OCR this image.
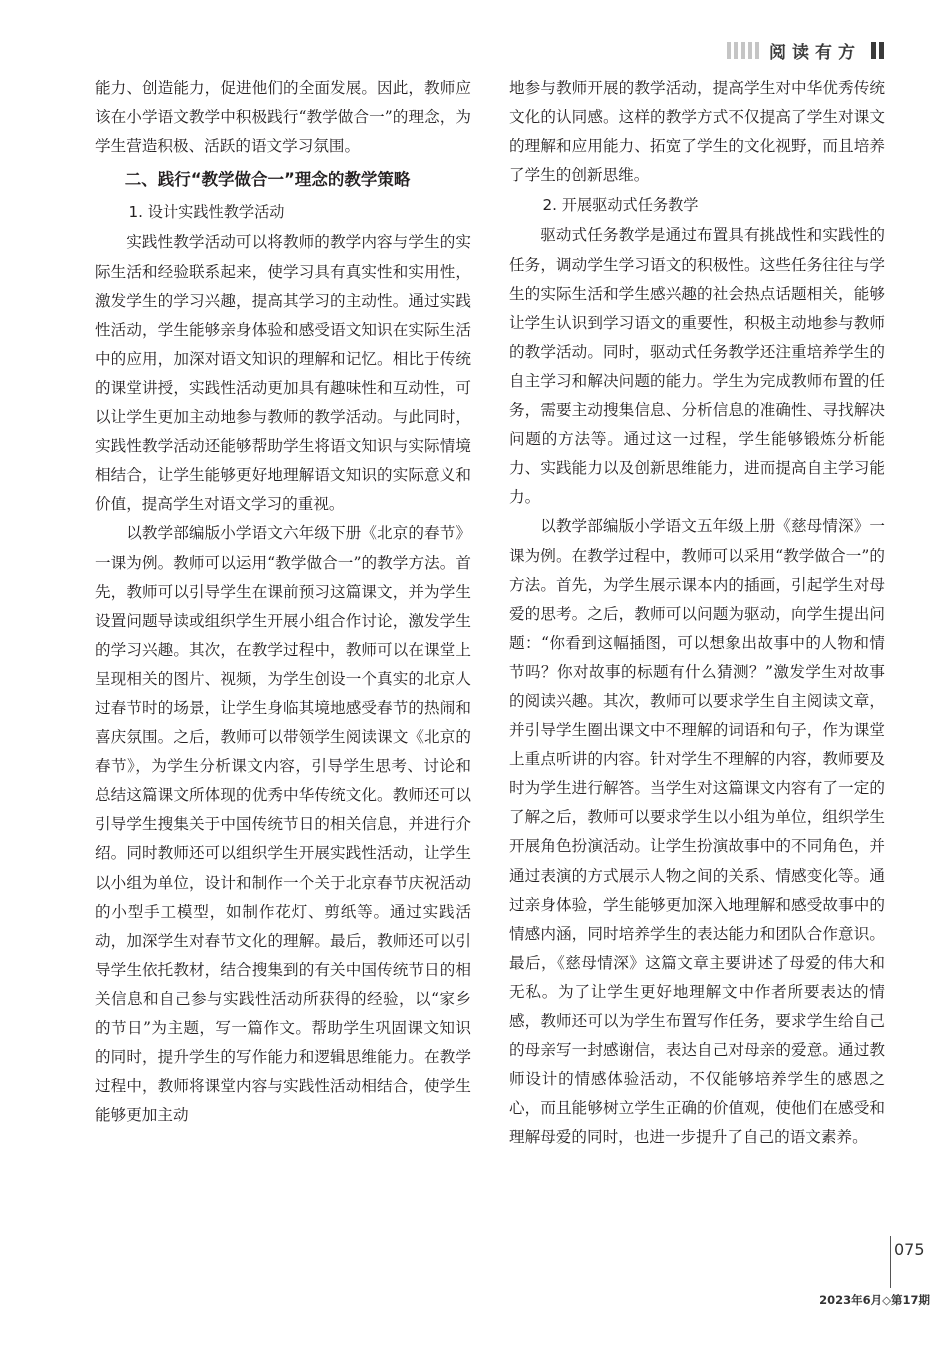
阅读有方

能力、创造能力，促进他们的全面发展。因此，教师应该在小学语文教学中积极践行“教学做合一”的理念，为学生营造积极、活跃的语文学习氛围。

二、践行“教学做合一”理念的教学策略
1. 设计实践性教学活动

实践性教学活动可以将教师的教学内容与学生的实际生活和经验联系起来，使学习具有真实性和实用性，激发学生的学习兴趣，提高其学习的主动性。通过实践性活动，学生能够亲身体验和感受语文知识在实际生活中的应用，加深对语文知识的理解和记忆。相比于传统的课堂讲授，实践性活动更加具有趣味性和互动性，可以让学生更加主动地参与教师的教学活动。与此同时，实践性教学活动还能够帮助学生将语文知识与实际情境相结合，让学生能够更好地理解语文知识的实际意义和价值，提高学生对语文学习的重视。

以教学部编版小学语文六年级下册《北京的春节》一课为例。教师可以运用“教学做合一”的教学方法。首先，教师可以引导学生在课前预习这篇课文，并为学生设置问题导读或组织学生开展小组合作讨论，激发学生的学习兴趣。其次，在教学过程中，教师可以在课堂上呈现相关的图片、视频，为学生创设一个真实的北京人过春节时的场景，让学生身临其境地感受春节的热闹和喜庆氛围。之后，教师可以带领学生阅读课文《北京的春节》，为学生分析课文内容，引导学生思考、讨论和总结这篇课文所体现的优秀中华传统文化。教师还可以引导学生搜集关于中国传统节日的相关信息，并进行介绍。同时教师还可以组织学生开展实践性活动，让学生以小组为单位，设计和制作一个关于北京春节庆祝活动的小型手工模型，如制作花灯、剪纸等。通过实践活动，加深学生对春节文化的理解。最后，教师还可以引导学生依托教材，结合搜集到的有关中国传统节日的相关信息和自己参与实践性活动所获得的经验，以“家乡的节日”为主题，写一篇作文。帮助学生巩固课文知识的同时，提升学生的写作能力和逻辑思维能力。在教学过程中，教师将课堂内容与实践性活动相结合，使学生能够更加主动

地参与教师开展的教学活动，提高学生对中华优秀传统文化的认同感。这样的教学方式不仅提高了学生对课文的理解和应用能力、拓宽了学生的文化视野，而且培养了学生的创新思维。

2. 开展驱动式任务教学

驱动式任务教学是通过布置具有挑战性和实践性的任务，调动学生学习语文的积极性。这些任务往往与学生的实际生活和学生感兴趣的社会热点话题相关，能够让学生认识到学习语文的重要性，积极主动地参与教师的教学活动。同时，驱动式任务教学还注重培养学生的自主学习和解决问题的能力。学生为完成教师布置的任务，需要主动搜集信息、分析信息的准确性、寻找解决问题的方法等。通过这一过程，学生能够锻炼分析能力、实践能力以及创新思维能力，进而提高自主学习能力。

以教学部编版小学语文五年级上册《慈母情深》一课为例。在教学过程中，教师可以采用“教学做合一”的方法。首先，为学生展示课本内的插画，引起学生对母爱的思考。之后，教师可以问题为驱动，向学生提出问题：“你看到这幅插图，可以想象出故事中的人物和情节吗？你对故事的标题有什么猜测？”激发学生对故事的阅读兴趣。其次，教师可以要求学生自主阅读文章，并引导学生圈出课文中不理解的词语和句子，作为课堂上重点听讲的内容。针对学生不理解的内容，教师要及时为学生进行解答。当学生对这篇课文内容有了一定的了解之后，教师可以要求学生以小组为单位，组织学生开展角色扮演活动。让学生扮演故事中的不同角色，并通过表演的方式展示人物之间的关系、情感变化等。通过亲身体验，学生能够更加深入地理解和感受故事中的情感内涵，同时培养学生的表达能力和团队合作意识。最后，《慈母情深》这篇文章主要讲述了母爱的伟大和无私。为了让学生更好地理解文中作者所要表达的情感，教师还可以为学生布置写作任务，要求学生给自己的母亲写一封感谢信，表达自己对母亲的爱意。通过教师设计的情感体验活动，不仅能够培养学生的感恩之心，而且能够树立学生正确的价值观，使他们在感受和理解母爱的同时，也进一步提升了自己的语文素养。

075
2023年6月◇第17期
